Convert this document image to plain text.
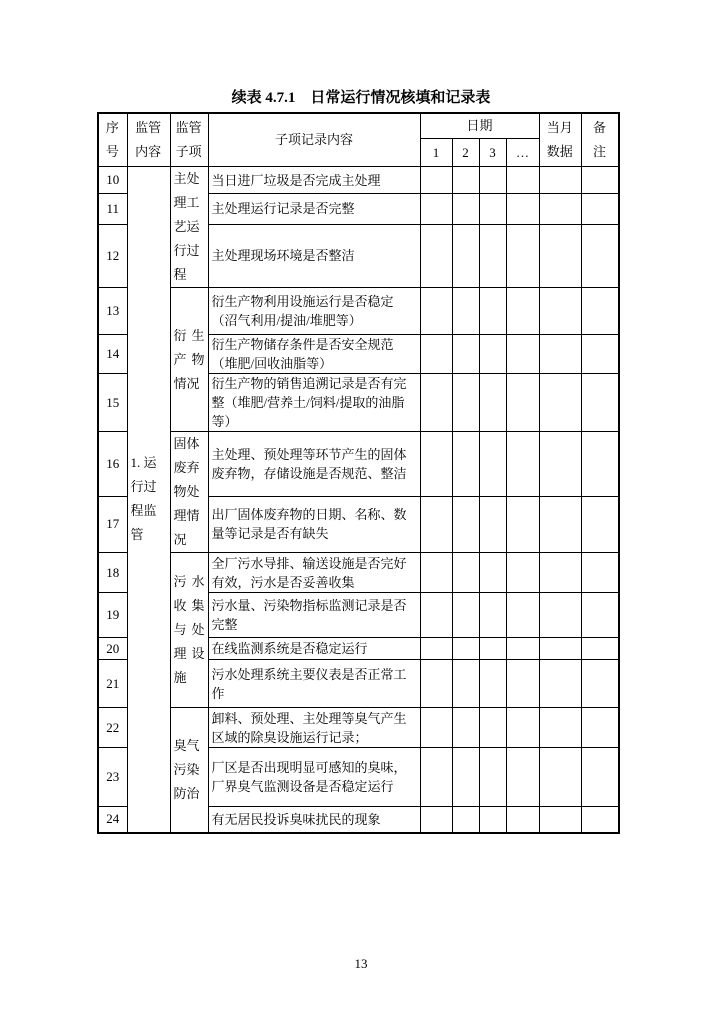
续表 4.7.1　日常运行情况核填和记录表
序号	监管内容	监管子项	子项记录内容	日期				当月数据	备注
				1	2	3	…		
10	1. 运行过程监管	主处理工艺运行过程	当日进厂垃圾是否完成主处理						
11			主处理运行记录是否完整						
12			主处理现场环境是否整洁						
13		衍生产物情况	衍生产物利用设施运行是否稳定（沼气利用/提油/堆肥等）						
14			衍生产物储存条件是否安全规范（堆肥/回收油脂等）						
15			衍生产物的销售追溯记录是否有完整（堆肥/营养土/饲料/提取的油脂等）						
16		固体废弃物处理情况	主处理、预处理等环节产生的固体废弃物，存储设施是否规范、整洁						
17			出厂固体废弃物的日期、名称、数量等记录是否有缺失						
18		污水收集与处理设施	全厂污水导排、输送设施是否完好有效，污水是否妥善收集						
19			污水量、污染物指标监测记录是否完整						
20			在线监测系统是否稳定运行						
21			污水处理系统主要仪表是否正常工作						
22		臭气污染防治	卸料、预处理、主处理等臭气产生区域的除臭设施运行记录；						
23			厂区是否出现明显可感知的臭味，厂界臭气监测设备是否稳定运行						
24			有无居民投诉臭味扰民的现象						
13
